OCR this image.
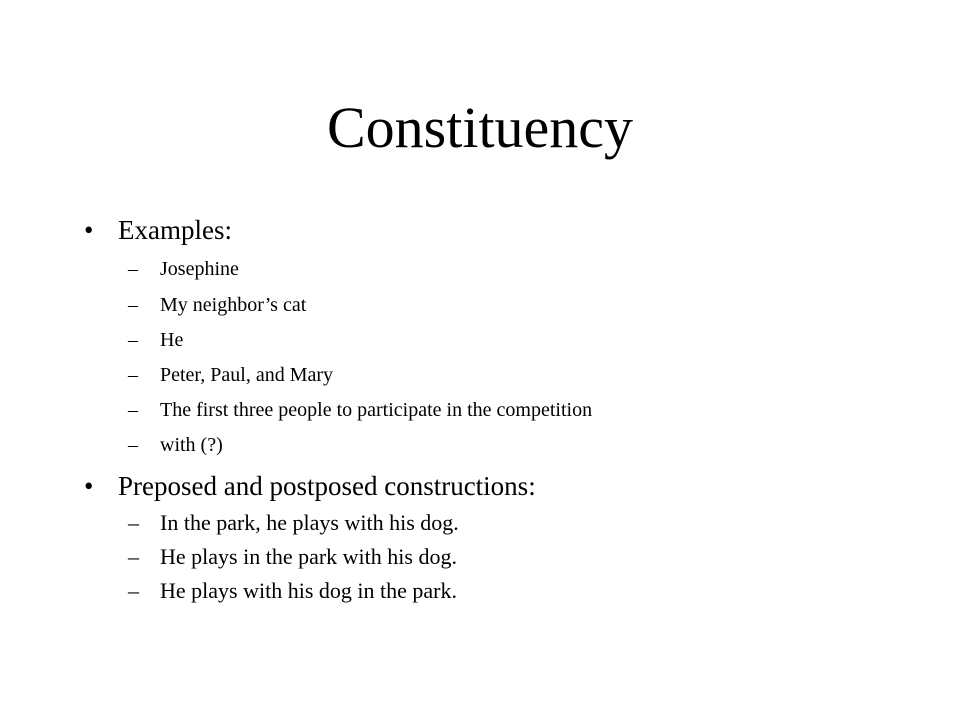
Constituency
• Examples:
– Josephine
– My neighbor’s cat
– He
– Peter, Paul, and Mary
– The first three people to participate in the competition
– with (?)
• Preposed and postposed constructions:
– In the park, he plays with his dog.
– He plays in the park with his dog.
– He plays with his dog in the park.
